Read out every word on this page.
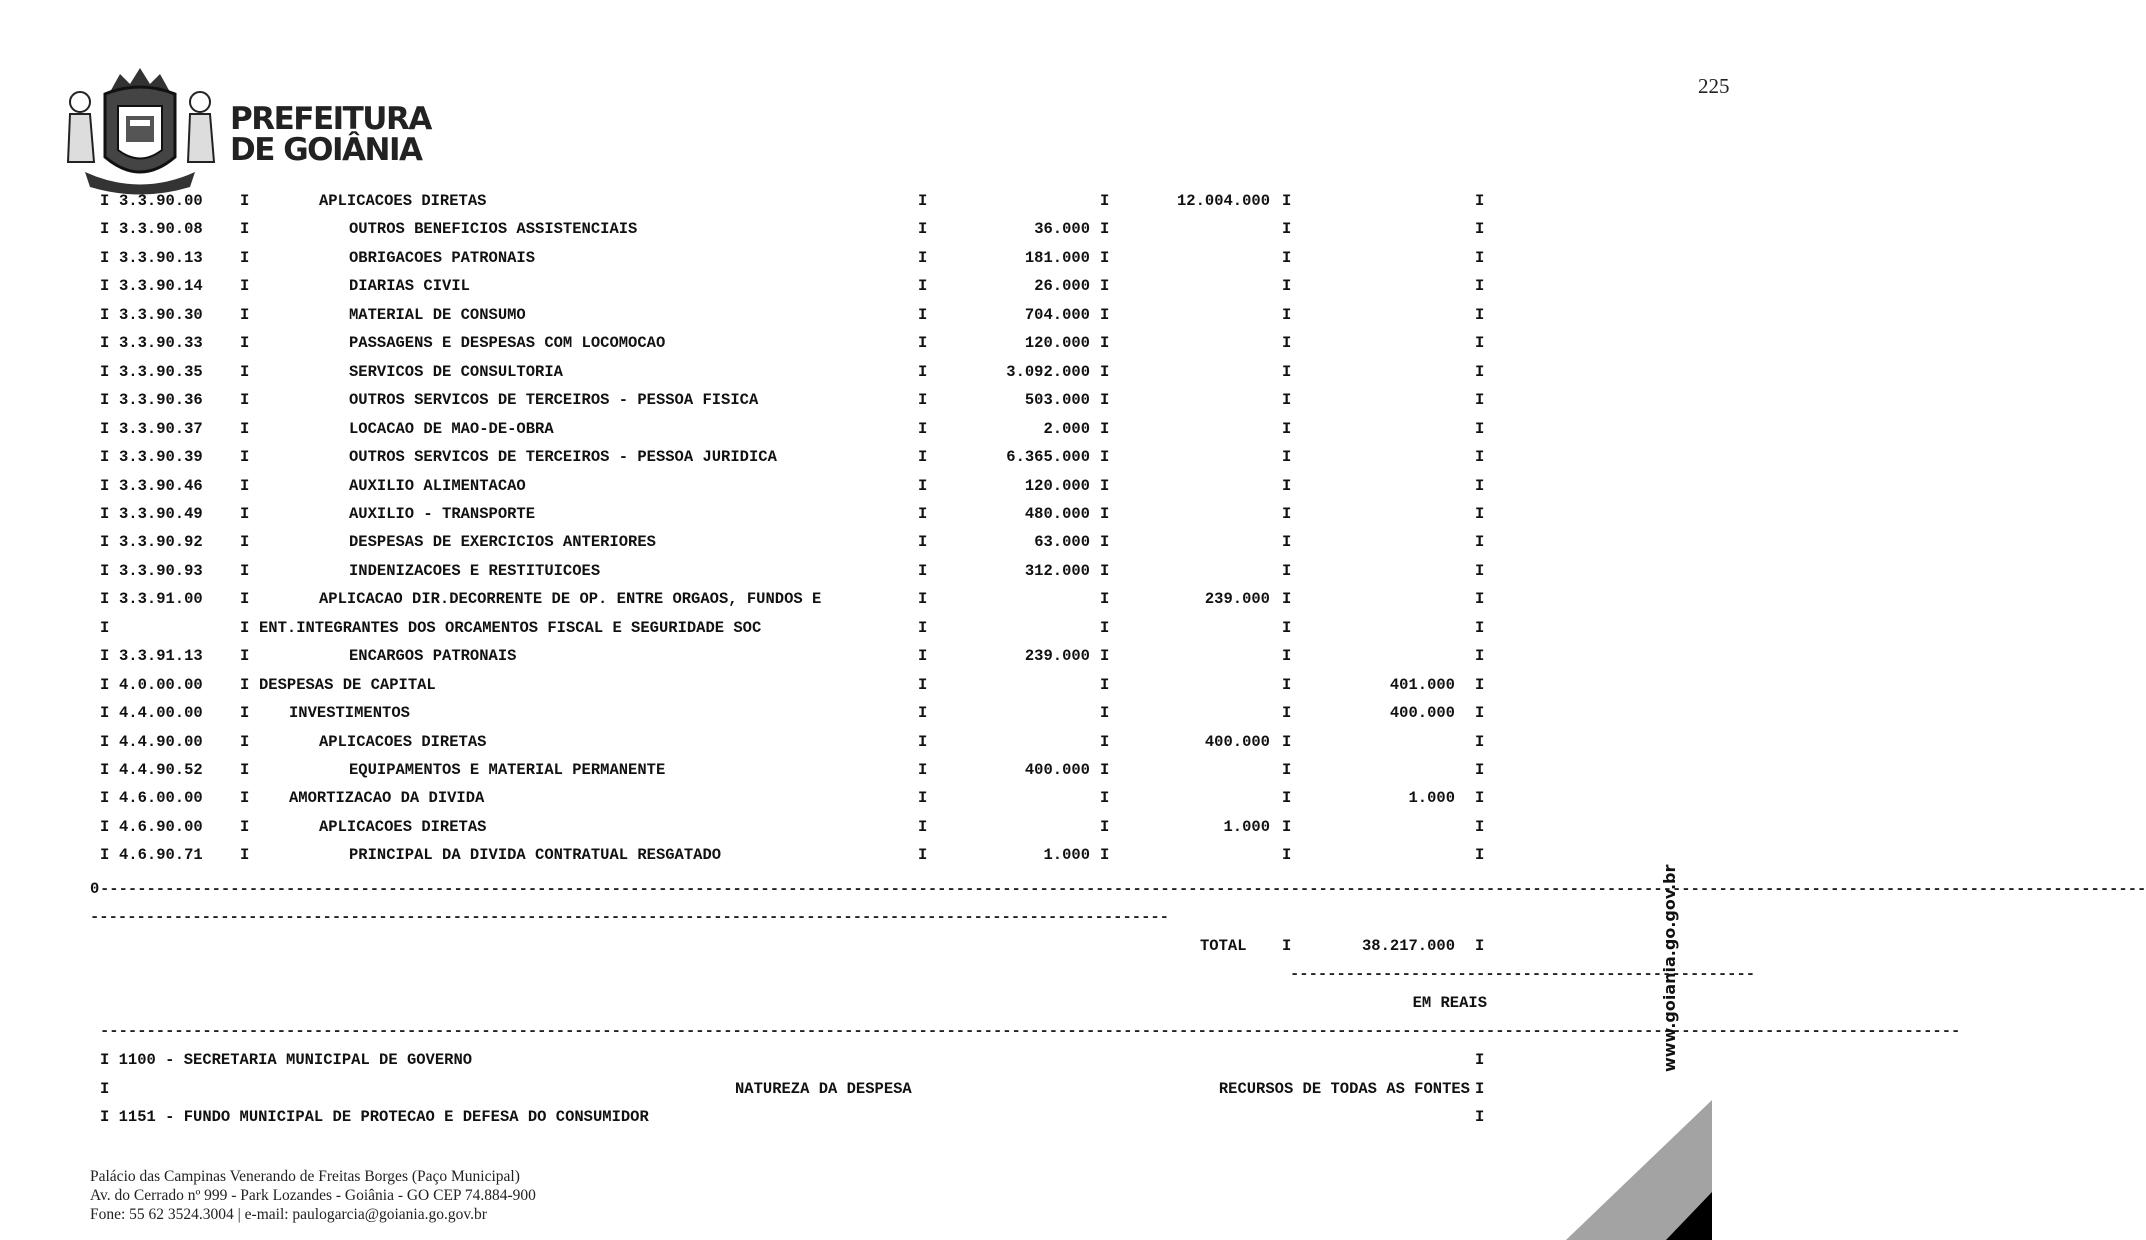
PREFEITURA
DE GOIÂNIA
225
I 3.3.90.00 I	APLICACOES DIRETAS	I	I	12.004.000 I	I
I 3.3.90.08 I	OUTROS BENEFICIOS ASSISTENCIAIS	I	36.000 I	I	I
I 3.3.90.13 I	OBRIGACOES PATRONAIS	I	181.000 I	I	I
I 3.3.90.14 I	DIARIAS CIVIL	I	26.000 I	I	I
I 3.3.90.30 I	MATERIAL DE CONSUMO	I	704.000 I	I	I
I 3.3.90.33 I	PASSAGENS E DESPESAS COM LOCOMOCAO	I	120.000 I	I	I
I 3.3.90.35 I	SERVICOS DE CONSULTORIA	I	3.092.000 I	I	I
I 3.3.90.36 I	OUTROS SERVICOS DE TERCEIROS - PESSOA FISICA	I	503.000 I	I	I
I 3.3.90.37 I	LOCACAO DE MAO-DE-OBRA	I	2.000 I	I	I
I 3.3.90.39 I	OUTROS SERVICOS DE TERCEIROS - PESSOA JURIDICA	I	6.365.000 I	I	I
I 3.3.90.46 I	AUXILIO ALIMENTACAO	I	120.000 I	I	I
I 3.3.90.49 I	AUXILIO - TRANSPORTE	I	480.000 I	I	I
I 3.3.90.92 I	DESPESAS DE EXERCICIOS ANTERIORES	I	63.000 I	I	I
I 3.3.90.93 I	INDENIZACOES E RESTITUICOES	I	312.000 I	I	I
I 3.3.91.00 I	APLICACAO DIR.DECORRENTE DE OP. ENTRE ORGAOS, FUNDOS E	I	I	239.000 I	I
I	I ENT.INTEGRANTES DOS ORCAMENTOS FISCAL E SEGURIDADE SOC	I	I	I	I
I 3.3.91.13 I	ENCARGOS PATRONAIS	I	239.000 I	I	I
I 4.0.00.00 I DESPESAS DE CAPITAL	I	I	I	401.000 I
I 4.4.00.00 I	INVESTIMENTOS	I	I	I	400.000 I
I 4.4.90.00 I	APLICACOES DIRETAS	I	I	400.000 I	I
I 4.4.90.52 I	EQUIPAMENTOS E MATERIAL PERMANENTE	I	400.000 I	I	I
I 4.6.00.00 I	AMORTIZACAO DA DIVIDA	I	I	I	1.000 I
I 4.6.90.00 I	APLICACOES DIRETAS	I	I	1.000 I	I
I 4.6.90.71 I	PRINCIPAL DA DIVIDA CONTRATUAL RESGATADO	I	1.000 I	I	I
0 ----------------------------------------------------------------------------------------------------------------------------------------------------------------------------------------------------------------------------
--------------------------------------------------------------------------------------------------------------------
TOTAL I	38.217.000 I
--------------------------------------------------
EM REAIS
--------------------------------------------------------------------------------------------------------------------------------------------------------------------------------------------------------
I 1100 - SECRETARIA MUNICIPAL DE GOVERNO	I
I	NATUREZA DA DESPESA	RECURSOS DE TODAS AS FONTES I
I 1151 - FUNDO MUNICIPAL DE PROTECAO E DEFESA DO CONSUMIDOR	I
www.goiania.go.gov.br
Palácio das Campinas Venerando de Freitas Borges (Paço Municipal)
Av. do Cerrado nº 999 - Park Lozandes - Goiânia - GO CEP 74.884-900
Fone: 55 62 3524.3004 | e-mail: paulogarcia@goiania.go.gov.br
